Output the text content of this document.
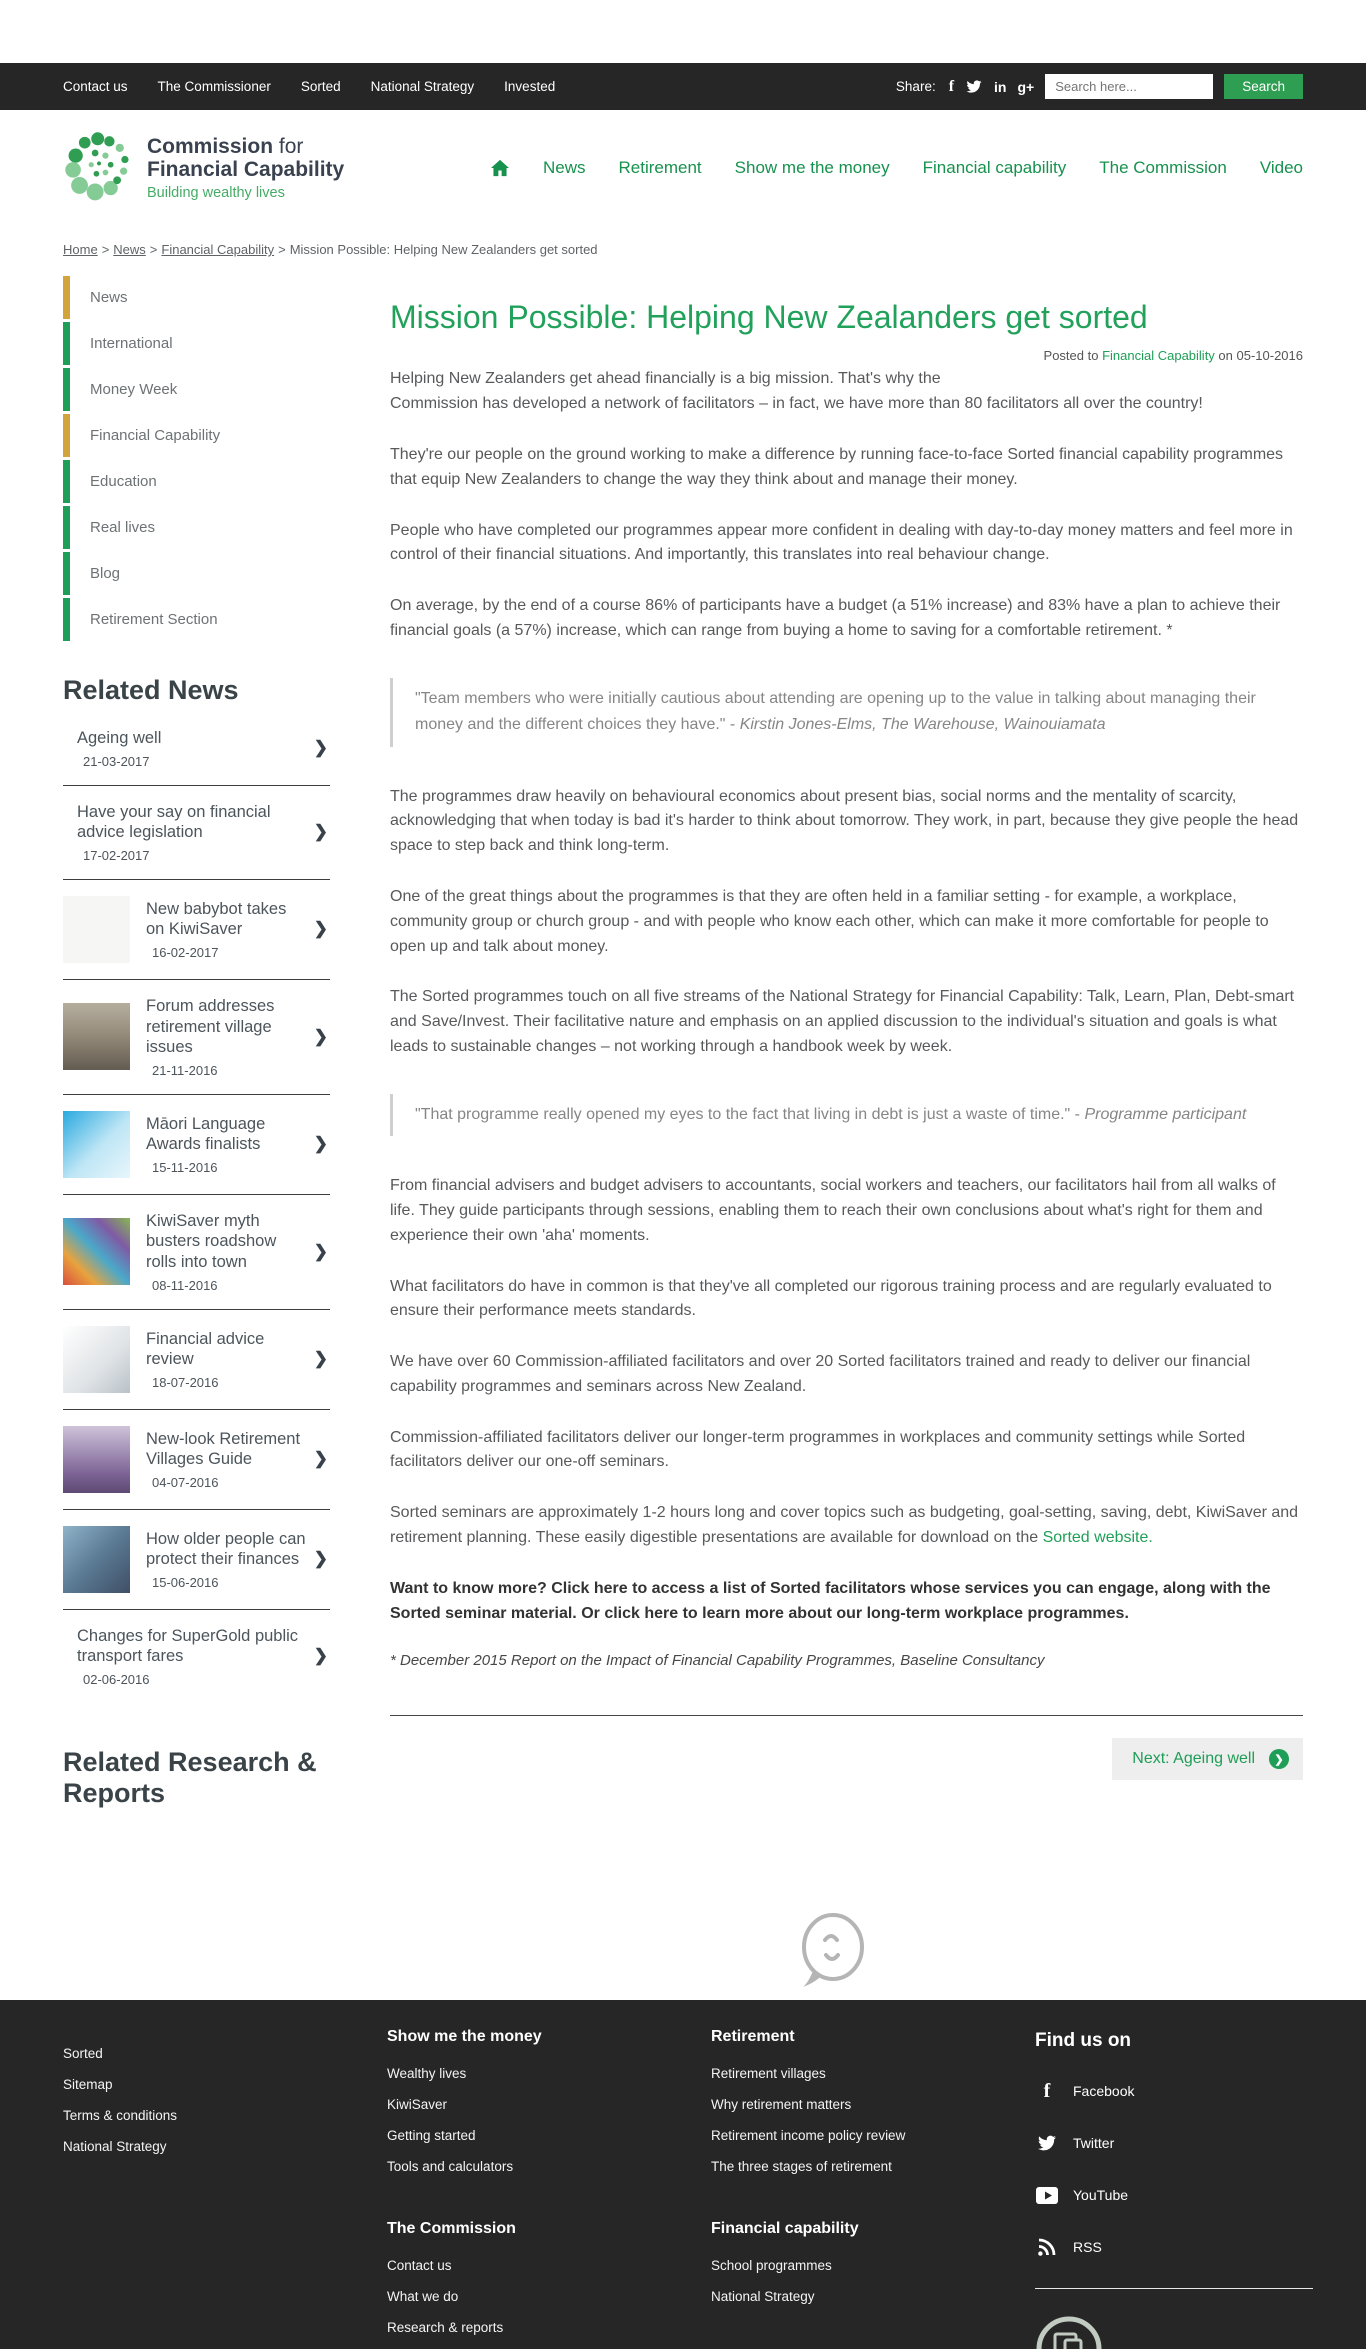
Contact us The Commissioner Sorted National Strategy Invested	Share: f	in g+
Search here...	Search
Commission for
Financial Capability
Building wealthy lives
News Retirement Show me the money Financial capability The Commission Video
Home > News > Financial Capability > Mission Possible: Helping New Zealanders get sorted
News
International
Money Week
Financial Capability
Education
Real lives
Blog
Retirement Section
Related News
Ageing well
21-03-2017
❯
Have your say on financial advice legislation
17-02-2017
❯
New babybot takes on KiwiSaver
16-02-2017
❯
Forum addresses retirement village issues
21-11-2016
❯
Māori Language Awards finalists
15-11-2016
❯
KiwiSaver myth busters roadshow rolls into town
08-11-2016
❯
Financial advice review
18-07-2016
❯
New-look Retirement Villages Guide
04-07-2016
❯
How older people can protect their finances
15-06-2016
❯
Changes for SuperGold public transport fares
02-06-2016
❯
Related Research & Reports
Mission Possible: Helping New Zealanders get sorted
Posted to Financial Capability on 05-10-2016

Helping New Zealanders get ahead financially is a big mission. That's why the
Commission has developed a network of facilitators – in fact, we have more than 80 facilitators all over the country!

They're our people on the ground working to make a difference by running face-to-face Sorted financial capability programmes that equip New Zealanders to change the way they think about and manage their money.

People who have completed our programmes appear more confident in dealing with day-to-day money matters and feel more in control of their financial situations. And importantly, this translates into real behaviour change.

On average, by the end of a course 86% of participants have a budget (a 51% increase) and 83% have a plan to achieve their financial goals (a 57%) increase, which can range from buying a home to saving for a comfortable retirement. *

"Team members who were initially cautious about attending are opening up to the value in talking about managing their money and the different choices they have." - Kirstin Jones-Elms, The Warehouse, Wainouiamata

The programmes draw heavily on behavioural economics about present bias, social norms and the mentality of scarcity, acknowledging that when today is bad it's harder to think about tomorrow. They work, in part, because they give people the head space to step back and think long-term.

One of the great things about the programmes is that they are often held in a familiar setting - for example, a workplace, community group or church group - and with people who know each other, which can make it more comfortable for people to open up and talk about money.

The Sorted programmes touch on all five streams of the National Strategy for Financial Capability: Talk, Learn, Plan, Debt-smart and Save/Invest. Their facilitative nature and emphasis on an applied discussion to the individual's situation and goals is what leads to sustainable changes – not working through a handbook week by week.

"That programme really opened my eyes to the fact that living in debt is just a waste of time." - Programme participant

From financial advisers and budget advisers to accountants, social workers and teachers, our facilitators hail from all walks of life. They guide participants through sessions, enabling them to reach their own conclusions about what's right for them and experience their own 'aha' moments.

What facilitators do have in common is that they've all completed our rigorous training process and are regularly evaluated to ensure their performance meets standards.

We have over 60 Commission-affiliated facilitators and over 20 Sorted facilitators trained and ready to deliver our financial capability programmes and seminars across New Zealand.

Commission-affiliated facilitators deliver our longer-term programmes in workplaces and community settings while Sorted facilitators deliver our one-off seminars.

Sorted seminars are approximately 1-2 hours long and cover topics such as budgeting, goal-setting, saving, debt, KiwiSaver and retirement planning. These easily digestible presentations are available for download on the Sorted website.

Want to know more? Click here to access a list of Sorted facilitators whose services you can engage, along with the Sorted seminar material. Or click here to learn more about our long-term workplace programmes.

* December 2015 Report on the Impact of Financial Capability Programmes, Baseline Consultancy

Next: Ageing well	❯
Sorted
Sitemap
Terms & conditions
National Strategy
Show me the money
Wealthy lives
KiwiSaver
Getting started
Tools and calculators
The Commission
Contact us
What we do
Research & reports
Retirement
Retirement villages
Why retirement matters
Retirement income policy review
The three stages of retirement
Financial capability
School programmes
National Strategy
Find us on
f Facebook
Twitter
YouTube
RSS
